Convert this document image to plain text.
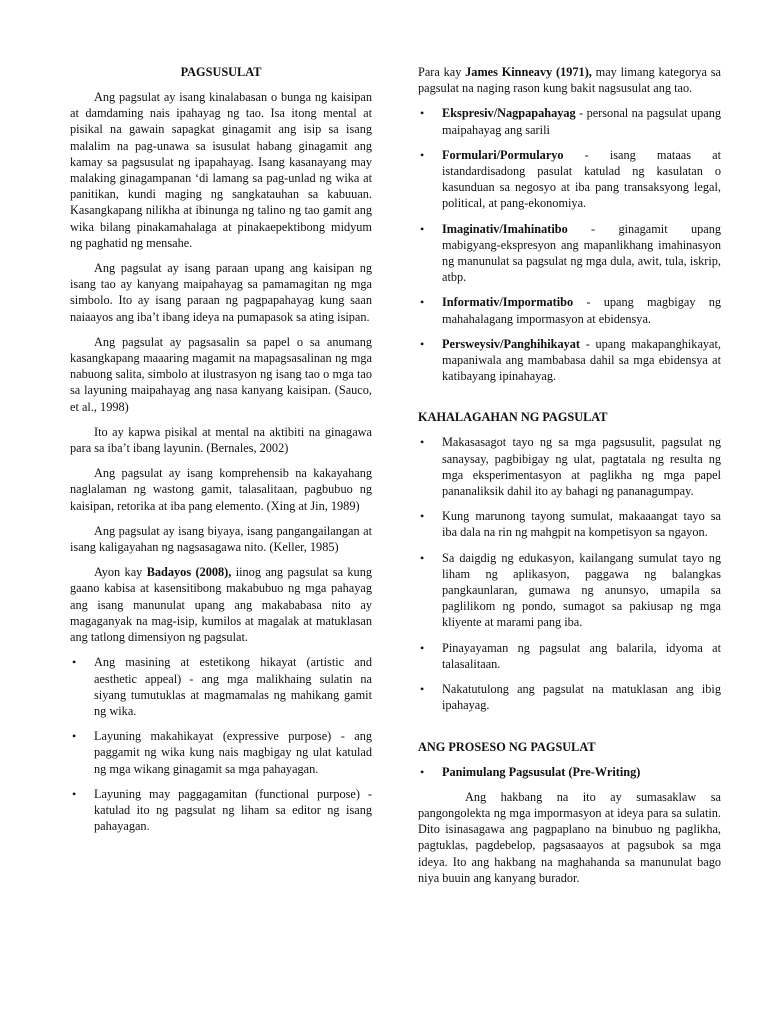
PAGSUSULAT

Ang pagsulat ay isang kinalabasan o bunga ng kaisipan at damdaming nais ipahayag ng tao. Isa itong mental at pisikal na gawain sapagkat ginagamit ang isip sa isang malalim na pag-unawa sa isusulat habang ginagamit ang kamay sa pagsusulat ng ipapahayag. Isang kasanayang may malaking ginagampanan ‘di lamang sa pag-unlad ng wika at panitikan, kundi maging ng sangkatauhan sa kabuuan. Kasangkapang nilikha at ibinunga ng talino ng tao gamit ang wika bilang pinakamahalaga at pinakaepektibong midyum ng paghatid ng mensahe.

Ang pagsulat ay isang paraan upang ang kaisipan ng isang tao ay kanyang maipahayag sa pamamagitan ng mga simbolo. Ito ay isang paraan ng pagpapahayag kung saan naiaayos ang iba’t ibang ideya na pumapasok sa ating isipan.

Ang pagsulat ay pagsasalin sa papel o sa anumang kasangkapang maaaring magamit na mapagsasalinan ng mga nabuong salita, simbolo at ilustrasyon ng isang tao o mga tao sa layuning maipahayag ang nasa kanyang kaisipan. (Sauco, et al., 1998)

Ito ay kapwa pisikal at mental na aktibiti na ginagawa para sa iba’t ibang layunin. (Bernales, 2002)

Ang pagsulat ay isang komprehensib na kakayahang naglalaman ng wastong gamit, talasalitaan, pagbubuo ng kaisipan, retorika at iba pang elemento. (Xing at Jin, 1989)

Ang pagsulat ay isang biyaya, isang pangangailangan at isang kaligayahan ng nagsasagawa nito. (Keller, 1985)

Ayon kay Badayos (2008), iinog ang pagsulat sa kung gaano kabisa at kasensitibong makabubuo ng mga pahayag ang isang manunulat upang ang makababasa nito ay magaganyak na mag-isip, kumilos at magalak at matuklasan ang tatlong dimensiyon ng pagsulat.

• Ang masining at estetikong hikayat (artistic and aesthetic appeal) - ang mga malikhaing sulatin na siyang tumutuklas at magmamalas ng mahikang gamit ng wika.
• Layuning makahikayat (expressive purpose) - ang paggamit ng wika kung nais magbigay ng ulat katulad ng mga wikang ginagamit sa mga pahayagan.
• Layuning may paggagamitan (functional purpose) - katulad ito ng pagsulat ng liham sa editor ng isang pahayagan.

Para kay James Kinneavy (1971), may limang kategorya sa pagsulat na naging rason kung bakit nagsusulat ang tao.

• Ekspresiv/Nagpapahayag - personal na pagsulat upang maipahayag ang sarili
• Formulari/Pormularyo - isang mataas at istandardisadong pasulat katulad ng kasulatan o kasunduan sa negosyo at iba pang transaksyong legal, political, at pang-ekonomiya.
• Imaginativ/Imahinatibo - ginagamit upang mabigyang-ekspresyon ang mapanlikhang imahinasyon ng manunulat sa pagsulat ng mga dula, awit, tula, iskrip, atbp.
• Informativ/Impormatibo - upang magbigay ng mahahalagang impormasyon at ebidensya.
• Persweysiv/Panghihikayat - upang makapanghikayat, mapaniwala ang mambabasa dahil sa mga ebidensya at katibayang ipinahayag.
KAHALAGAHAN NG PAGSULAT
• Makasasagot tayo ng sa mga pagsusulit, pagsulat ng sanaysay, pagbibigay ng ulat, pagtatala ng resulta ng mga eksperimentasyon at paglikha ng mga papel pananaliksik dahil ito ay bahagi ng pananagumpay.
• Kung marunong tayong sumulat, makaaangat tayo sa iba dala na rin ng mahgpit na kompetisyon sa ngayon.
• Sa daigdig ng edukasyon, kailangang sumulat tayo ng liham ng aplikasyon, paggawa ng balangkas pangkaunlaran, gumawa ng anunsyo, umapila sa paglilikom ng pondo, sumagot sa pakiusap ng mga kliyente at marami pang iba.
• Pinayayaman ng pagsulat ang balarila, idyoma at talasalitaan.
• Nakatutulong ang pagsulat na matuklasan ang ibig ipahayag.
ANG PROSESO NG PAGSULAT
• Panimulang Pagsusulat (Pre-Writing)

Ang hakbang na ito ay sumasaklaw sa pangongolekta ng mga impormasyon at ideya para sa sulatin. Dito isinasagawa ang pagpaplano na binubuo ng paglikha, pagtuklas, pagdebelop, pagsasaayos at pagsubok sa mga ideya. Ito ang hakbang na maghahanda sa manunulat bago niya buuin ang kanyang burador.
